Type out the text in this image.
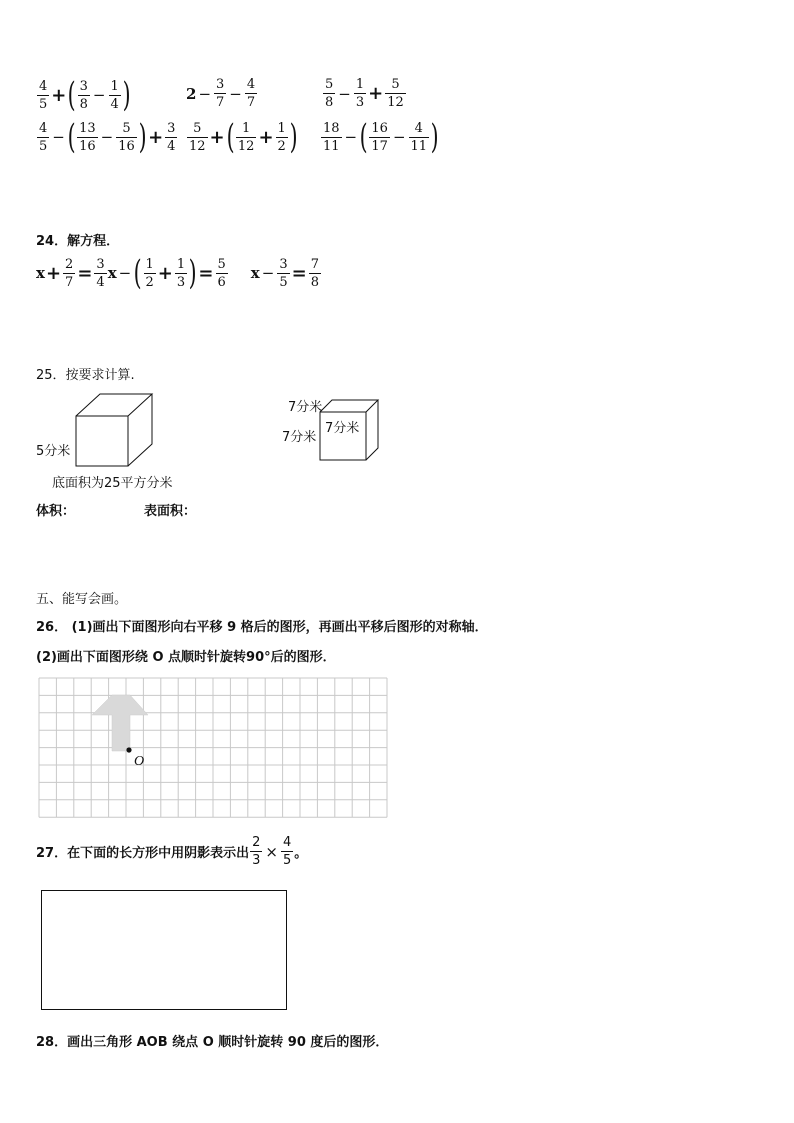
$\frac{4}{5}$ + ( $\frac{3}{8} - \frac{1}{4}$ )	$2 - \frac{3}{7} - \frac{4}{7}$	$\frac{5}{8} - \frac{1}{3} + \frac{5}{12}$
$\frac{4}{5}$ − ( $\frac{13}{16} - \frac{5}{16}$ ) + $\frac{3}{4} \frac{5}{12}$ + ( $\frac{1}{12} + \frac{1}{2}$ ) $\frac{18}{11}$ − ( $\frac{16}{17} - \frac{4}{11}$ )
24．解方程．
$x + \frac{2}{7} = \frac{3}{4}$ x − ( $\frac{1}{2} + \frac{1}{3}$ ) = $\frac{5}{6}$ $x - \frac{3}{5} = \frac{7}{8}$
25．按要求计算.
5分米
底面积为25平方分米
7分米
7分米
7分米
体积：	表面积：
五、能写会画。
26． (1)画出下面图形向右平移 9 格后的图形，再画出平移后图形的对称轴．
(2)画出下面图形绕 O 点顺时针旋转90°后的图形．
O
27．在下面的长方形中用阴影表示出 $\frac{2}{3} \times \frac{4}{5}$ 。
28．画出三角形 AOB 绕点 O 顺时针旋转 90 度后的图形．
